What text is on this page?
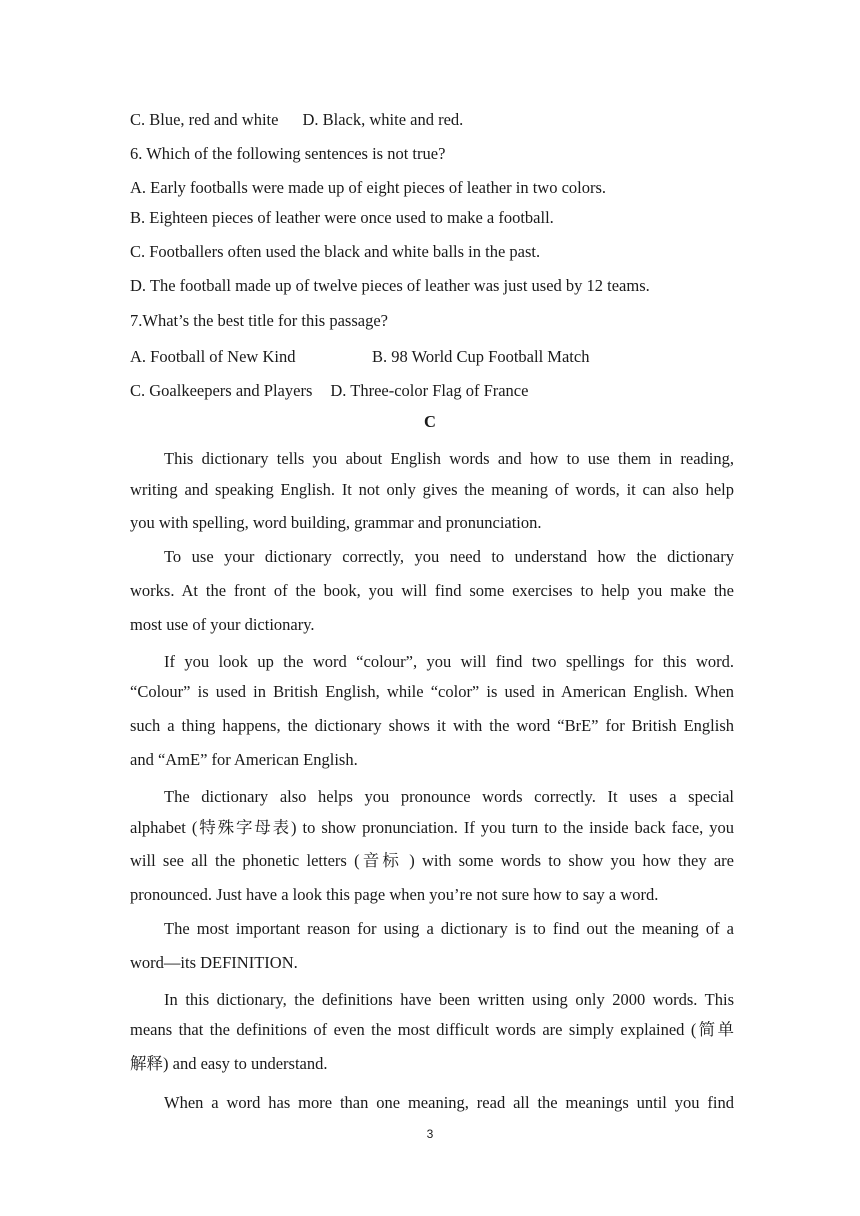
C. Blue, red and white D. Black, white and red.
6. Which of the following sentences is not true?
A. Early footballs were made up of eight pieces of leather in two colors.
B. Eighteen pieces of leather were once used to make a football.
C. Footballers often used the black and white balls in the past.
D. The football made up of twelve pieces of leather was just used by 12 teams.
7.What’s the best title for this passage?
A. Football of New Kind	B. 98 World Cup Football Match
C. Goalkeepers and Players D. Three-color Flag of France
C
This dictionary tells you about English words and how to use them in reading,
writing and speaking English. It not only gives the meaning of words, it can also help
you with spelling, word building, grammar and pronunciation.
To use your dictionary correctly, you need to understand how the dictionary
works. At the front of the book, you will find some exercises to help you make the
most use of your dictionary.
If you look up the word “colour”, you will find two spellings for this word.
“Colour” is used in British English, while “color” is used in American English. When
such a thing happens, the dictionary shows it with the word “BrE” for British English
and “AmE” for American English.
The dictionary also helps you pronounce words correctly. It uses a special
alphabet (特殊字母表) to show pronunciation. If you turn to the inside back face, you
will see all the phonetic letters (音标 ) with some words to show you how they are
pronounced. Just have a look this page when you’re not sure how to say a word.
The most important reason for using a dictionary is to find out the meaning of a
word—its DEFINITION.
In this dictionary, the definitions have been written using only 2000 words. This
means that the definitions of even the most difficult words are simply explained (简单
解释) and easy to understand.
When a word has more than one meaning, read all the meanings until you find
3
